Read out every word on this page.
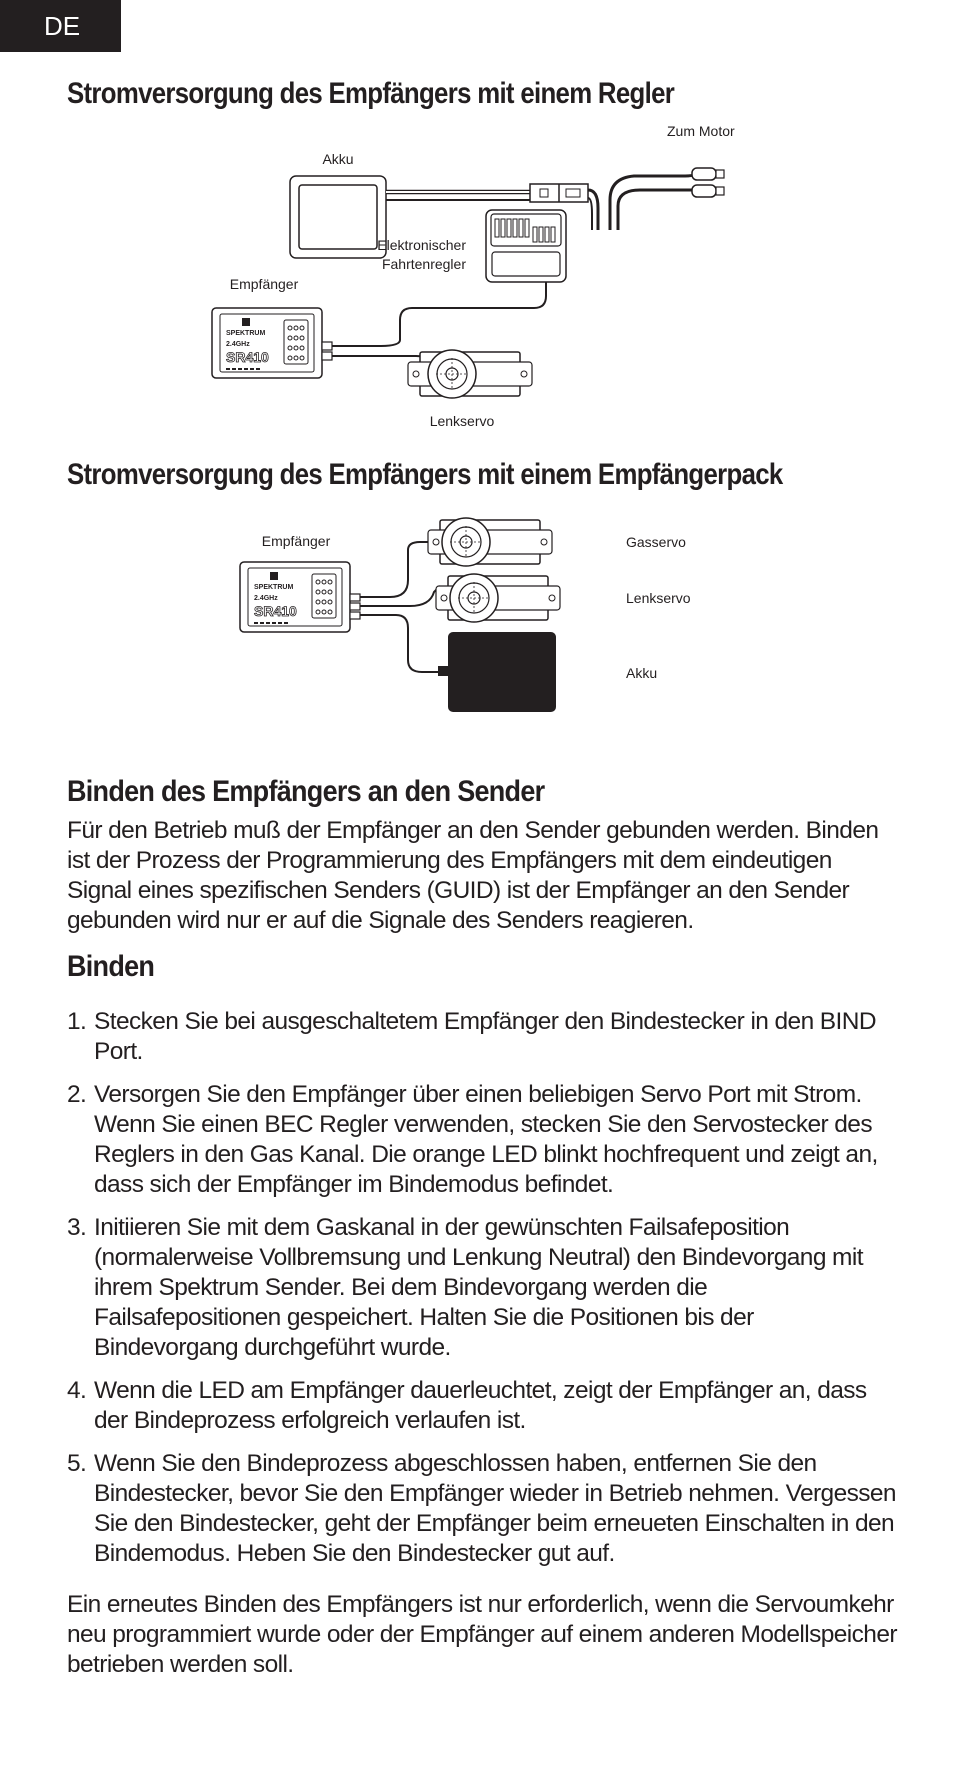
DE
Stromversorgung des Empfängers mit einem Regler
Akku
Zum Motor
Elektronischer
Fahrtenregler
SPEKTRUM
2.4GHz
SR410
Empfänger
Lenkservo
Stromversorgung des Empfängers mit einem Empfängerpack
SPEKTRUM
2.4GHz
SR410
Empfänger	Gasservo
Lenkservo
Akku
Binden des Empfängers an den Sender

Für den Betrieb muß der Empfänger an den Sender gebunden werden. Binden ist der Prozess der Programmierung des Empfängers mit dem eindeutigen Signal eines spezifischen Senders (GUID) ist der Empfänger an den Sender gebunden wird nur er auf die Signale des Senders reagieren.

Binden
1. Stecken Sie bei ausgeschaltetem Empfänger den Bindestecker in den BIND Port.
2. Versorgen Sie den Empfänger über einen beliebigen Servo Port mit Strom. Wenn Sie einen BEC Regler verwenden, stecken Sie den Servostecker des Reglers in den Gas Kanal. Die orange LED blinkt hochfrequent und zeigt an, dass sich der Empfänger im Bindemodus befindet.
3. Initiieren Sie mit dem Gaskanal in der gewünschten Failsafeposition (normalerweise Vollbremsung und Lenkung Neutral) den Bindevorgang mit ihrem Spektrum Sender. Bei dem Bindevorgang werden die Failsafepositionen gespeichert. Halten Sie die Positionen bis der Bindevorgang durchgeführt wurde.
4. Wenn die LED am Empfänger dauerleuchtet, zeigt der Empfänger an, dass der Bindeprozess erfolgreich verlaufen ist.
5. Wenn Sie den Bindeprozess abgeschlossen haben, entfernen Sie den Bindestecker, bevor Sie den Empfänger wieder in Betrieb nehmen. Vergessen Sie den Bindestecker, geht der Empfänger beim erneueten Einschalten in den Bindemodus. Heben Sie den Bindestecker gut auf.

Ein erneutes Binden des Empfängers ist nur erforderlich, wenn die Servoumkehr neu programmiert wurde oder der Empfänger auf einem anderen Modellspeicher betrieben werden soll.
